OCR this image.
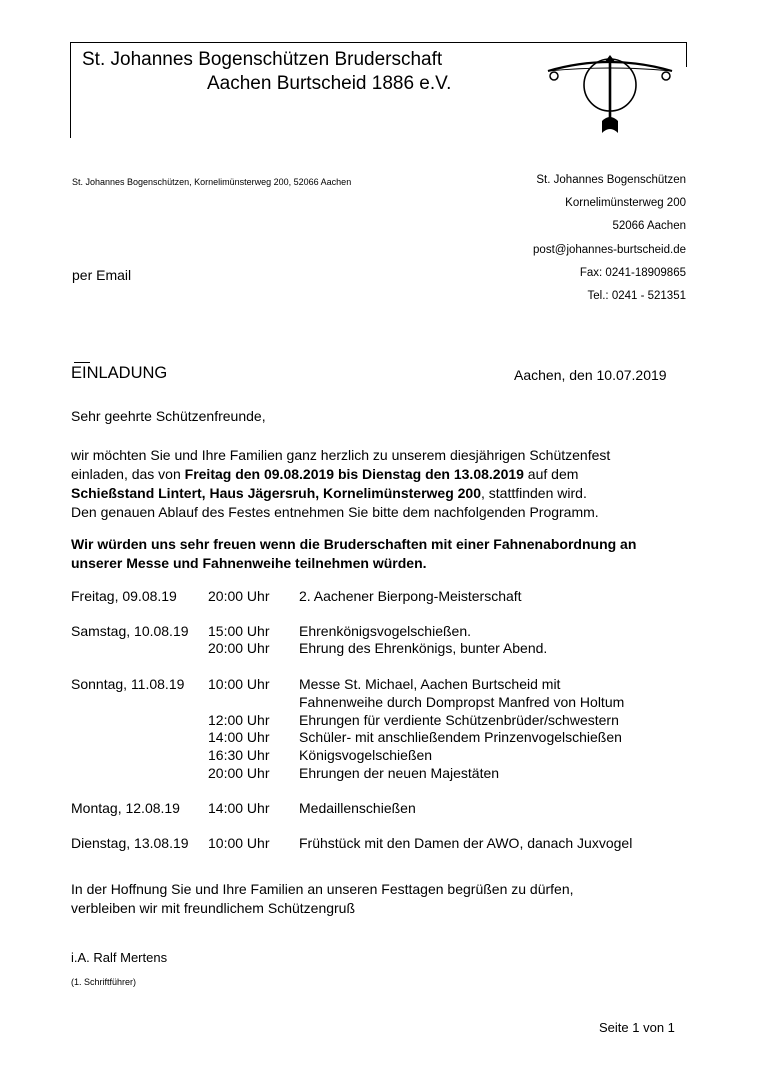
St. Johannes Bogenschützen Bruderschaft
Aachen Burtscheid 1886 e.V.
St. Johannes Bogenschützen, Kornelimünsterweg 200, 52066 Aachen	St. Johannes Bogenschützen
Kornelimünsterweg 200
52066 Aachen
post@johannes-burtscheid.de
Fax: 0241-18909865
Tel.: 0241 - 521351
per Email
EINLADUNG	Aachen, den 10.07.2019
Sehr geehrte Schützenfreunde,
wir möchten Sie und Ihre Familien ganz herzlich zu unserem diesjährigen Schützenfest
einladen, das von Freitag den 09.08.2019 bis Dienstag den 13.08.2019 auf dem
Schießstand Lintert, Haus Jägersruh, Kornelimünsterweg 200, stattfinden wird.
Den genauen Ablauf des Festes entnehmen Sie bitte dem nachfolgenden Programm.
Wir würden uns sehr freuen wenn die Bruderschaften mit einer Fahnenabordnung an
unserer Messe und Fahnenweihe teilnehmen würden.
Freitag, 09.08.19 20:00 Uhr 2. Aachener Bierpong-Meisterschaft
Samstag, 10.08.19 15:00 Uhr Ehrenkönigsvogelschießen.
20:00 Uhr Ehrung des Ehrenkönigs, bunter Abend.
Sonntag, 11.08.19 10:00 Uhr Messe St. Michael, Aachen Burtscheid mit
Fahnenweihe durch Dompropst Manfred von Holtum
12:00 Uhr Ehrungen für verdiente Schützenbrüder/schwestern
14:00 Uhr Schüler- mit anschließendem Prinzenvogelschießen
16:30 Uhr Königsvogelschießen
20:00 Uhr Ehrungen der neuen Majestäten
Montag, 12.08.19 14:00 Uhr Medaillenschießen
Dienstag, 13.08.19 10:00 Uhr Frühstück mit den Damen der AWO, danach Juxvogel
In der Hoffnung Sie und Ihre Familien an unseren Festtagen begrüßen zu dürfen,
verbleiben wir mit freundlichem Schützengruß
i.A. Ralf Mertens
(1. Schriftführer)
Seite 1 von 1
